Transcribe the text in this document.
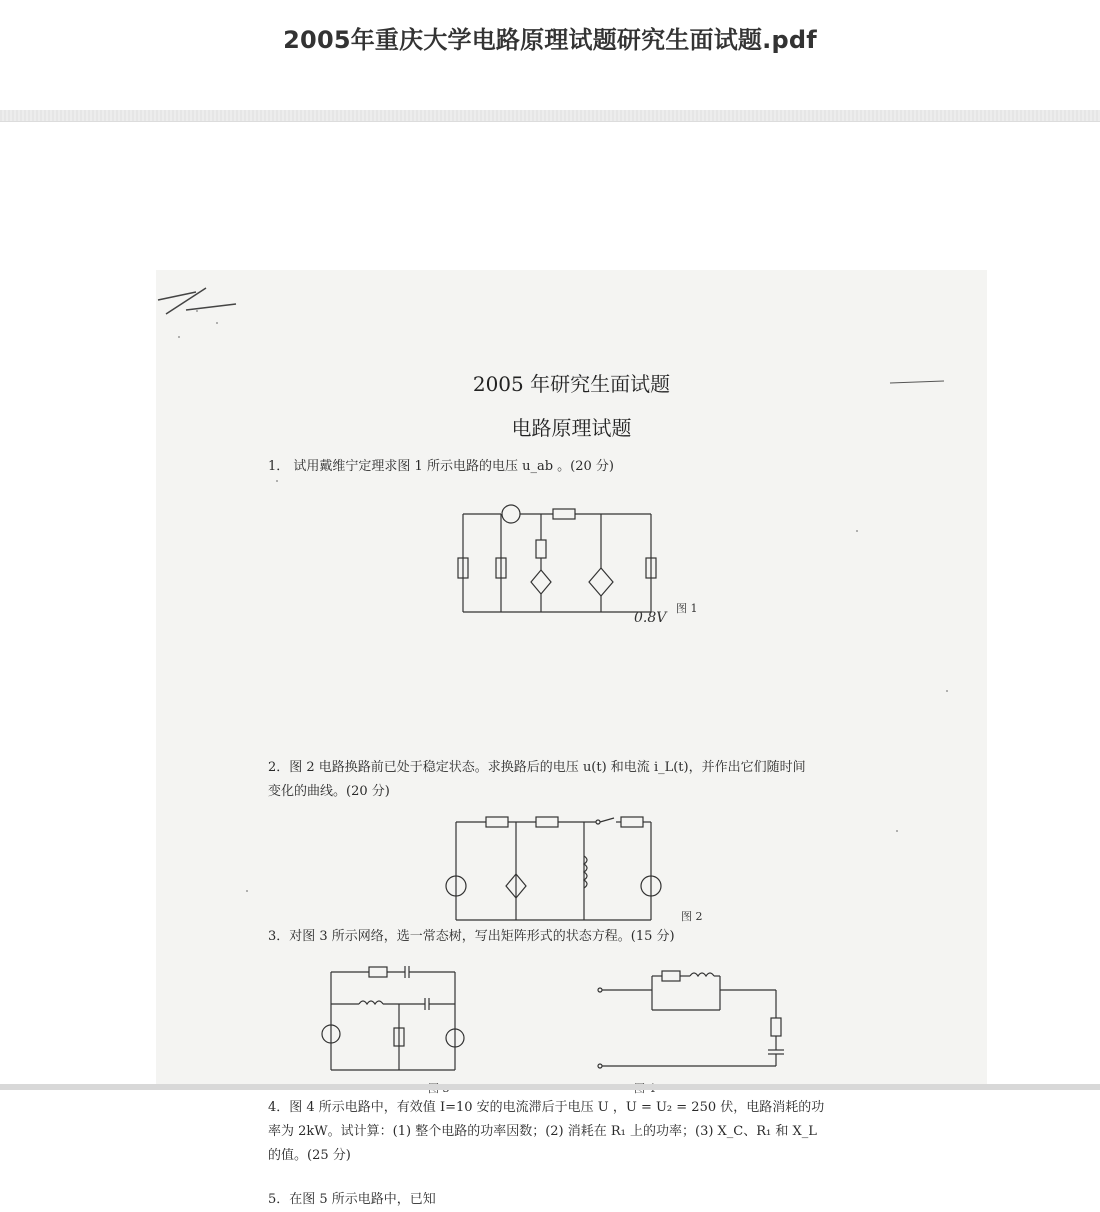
2005年重庆大学电路原理试题研究生面试题.pdf
2005 年研究生面试题
电路原理试题
1． 试用戴维宁定理求图 1 所示电路的电压 u_ab 。(20 分)
图 1
0.8V
2．图 2 电路换路前已处于稳定状态。求换路后的电压 u(t) 和电流 i_L(t)，并作出它们随时间
变化的曲线。(20 分)
图 2
3．对图 3 所示网络，选一常态树，写出矩阵形式的状态方程。(15 分)
4．图 4 所示电路中，有效值 I=10 安的电流滞后于电压 U ，U = U₂ = 250 伏，电路消耗的功
率为 2kW。试计算：(1) 整个电路的功率因数；(2) 消耗在 R₁ 上的功率；(3) X_C、R₁ 和 X_L
的值。(25 分)
5．在图 5 所示电路中，已知
